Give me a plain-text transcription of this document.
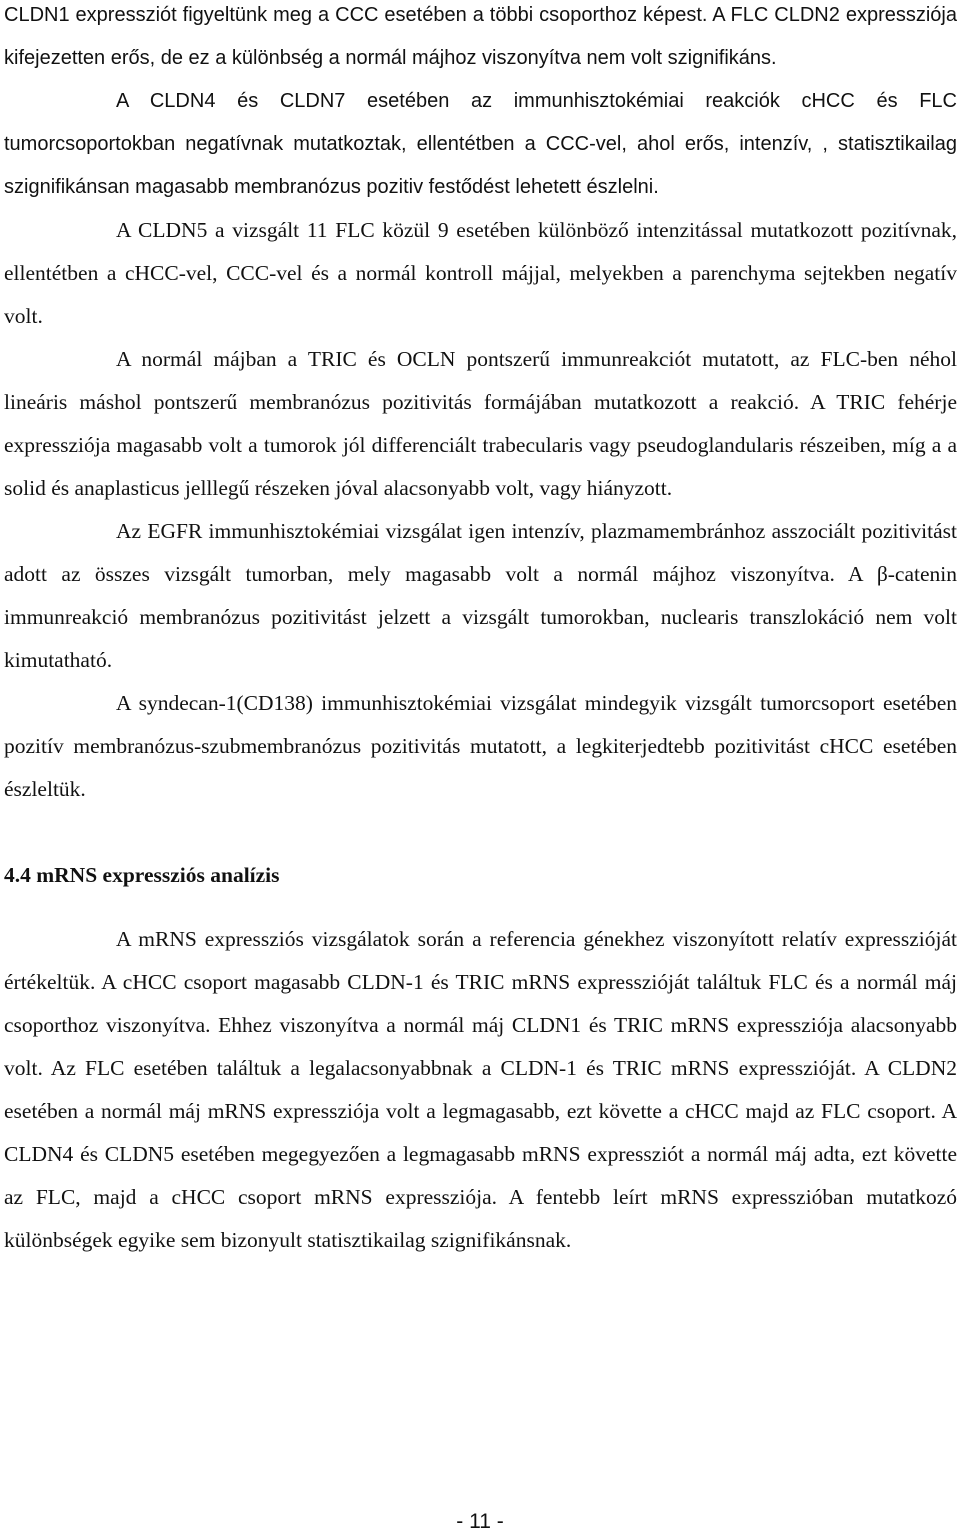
CLDN1 expressziót figyeltünk meg a CCC esetében a többi csoporthoz képest. A FLC CLDN2 expressziója kifejezetten erős, de ez a különbség a normál májhoz viszonyítva nem volt szignifikáns.

A CLDN4 és CLDN7 esetében az immunhisztokémiai reakciók cHCC és FLC tumorcsoportokban negatívnak mutatkoztak, ellentétben a CCC-vel, ahol erős, intenzív, , statisztikailag szignifikánsan magasabb membranózus pozitiv festődést lehetett észlelni.

A CLDN5 a vizsgált 11 FLC közül 9 esetében különböző intenzitással mutatkozott pozitívnak, ellentétben a cHCC-vel, CCC-vel és a normál kontroll májjal, melyekben a parenchyma sejtekben negatív volt.

A normál májban a TRIC és OCLN pontszerű immunreakciót mutatott, az FLC-ben néhol lineáris máshol pontszerű membranózus pozitivitás formájában mutatkozott a reakció. A TRIC fehérje expressziója magasabb volt a tumorok jól differenciált trabecularis vagy pseudoglandularis részeiben, míg a a solid és anaplasticus jelllegű részeken jóval alacsonyabb volt, vagy hiányzott.

Az EGFR immunhisztokémiai vizsgálat igen intenzív, plazmamembránhoz asszociált pozitivitást adott az összes vizsgált tumorban, mely magasabb volt a normál májhoz viszonyítva. A β-catenin immunreakció membranózus pozitivitást jelzett a vizsgált tumorokban, nuclearis transzlokáció nem volt kimutatható.

A syndecan-1(CD138) immunhisztokémiai vizsgálat mindegyik vizsgált tumorcsoport esetében pozitív membranózus-szubmembranózus pozitivitás mutatott, a legkiterjedtebb pozitivitást cHCC esetében észleltük.

4.4 mRNS expressziós analízis

A mRNS expressziós vizsgálatok során a referencia génekhez viszonyított relatív expresszióját értékeltük. A cHCC csoport magasabb CLDN-1 és TRIC mRNS expresszióját találtuk FLC és a normál máj csoporthoz viszonyítva. Ehhez viszonyítva a normál máj CLDN1 és TRIC mRNS expressziója alacsonyabb volt. Az FLC esetében találtuk a legalacsonyabbnak a CLDN-1 és TRIC mRNS expresszióját. A CLDN2 esetében a normál máj mRNS expressziója volt a legmagasabb, ezt követte a cHCC majd az FLC csoport. A CLDN4 és CLDN5 esetében megegyezően a legmagasabb mRNS expressziót a normál máj adta, ezt követte az FLC, majd a cHCC csoport mRNS expressziója. A fentebb leírt mRNS expresszióban mutatkozó különbségek egyike sem bizonyult statisztikailag szignifikánsnak.

- 11 -
